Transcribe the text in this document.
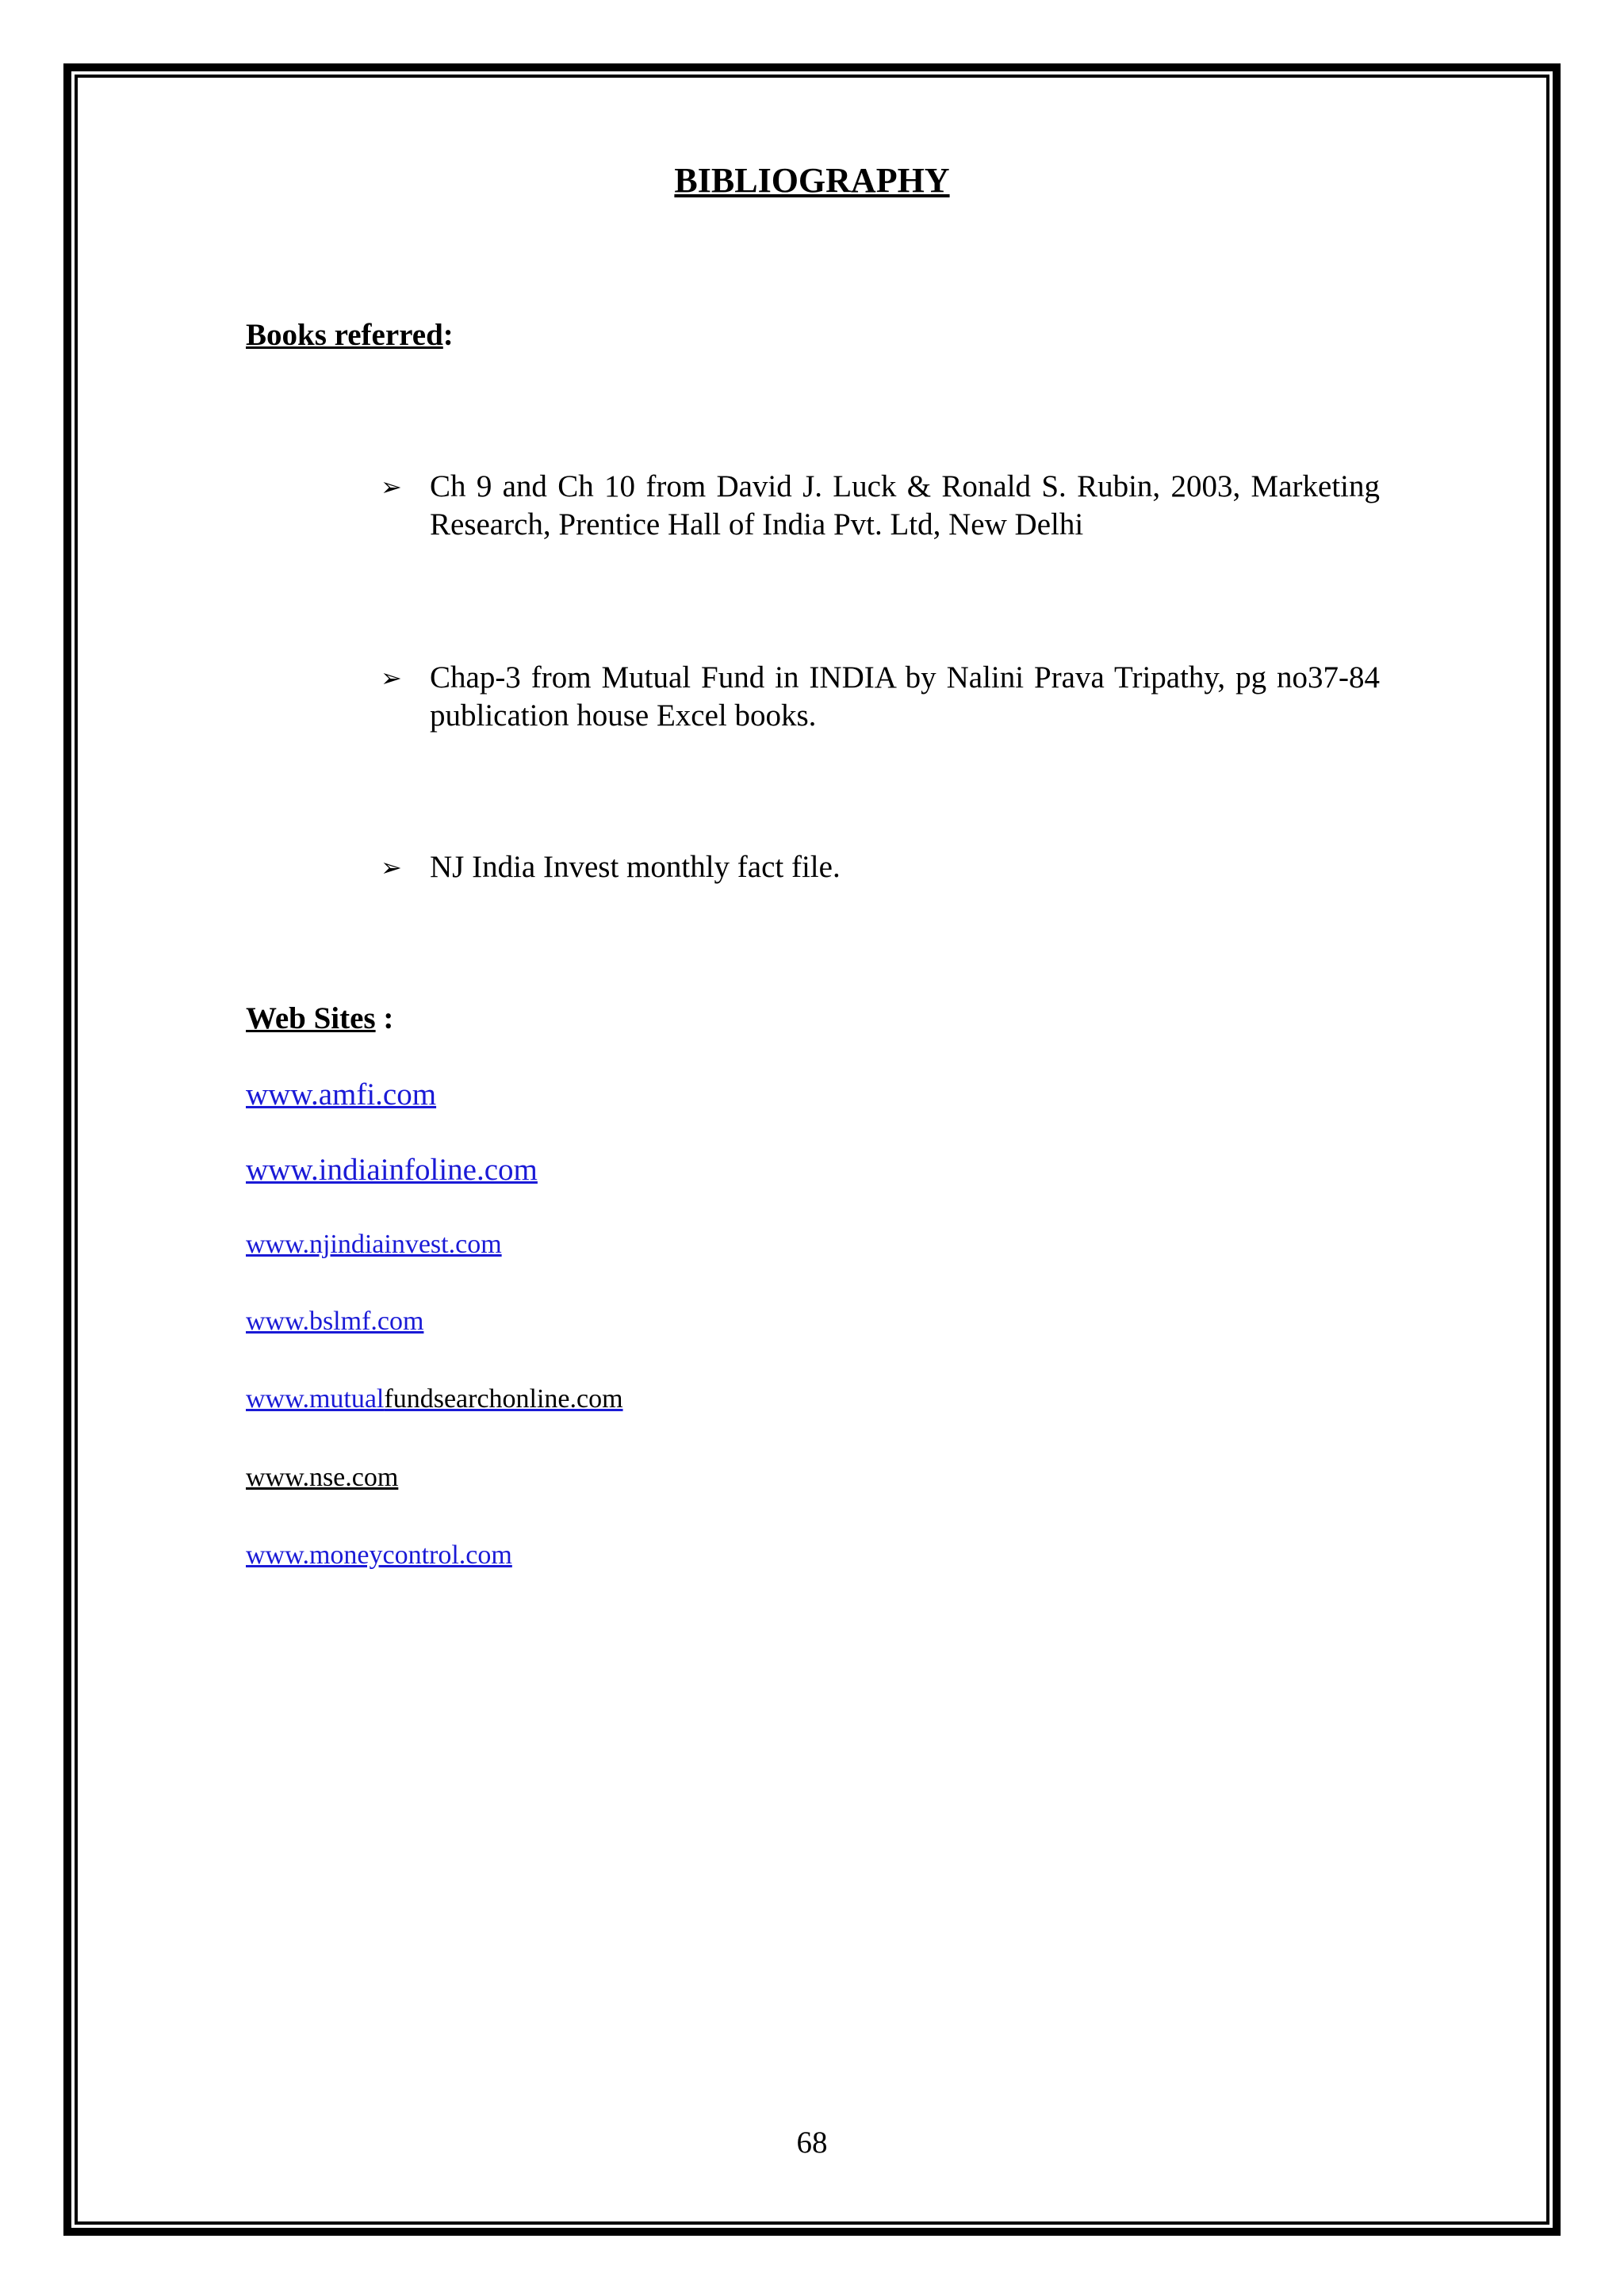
BIBLIOGRAPHY
Books referred:
➢ Ch 9 and Ch 10 from David J. Luck & Ronald S. Rubin, 2003, Marketing Research, Prentice Hall of India Pvt. Ltd, New Delhi
➢ Chap-3 from Mutual Fund in INDIA by Nalini Prava Tripathy, pg no37-84 publication house Excel books.
➢ NJ India Invest monthly fact file.
Web Sites :
www.amfi.com
www.indiainfoline.com
www.njindiainvest.com
www.bslmf.com
www.mutualfundsearchonline.com
www.nse.com
www.moneycontrol.com
68
